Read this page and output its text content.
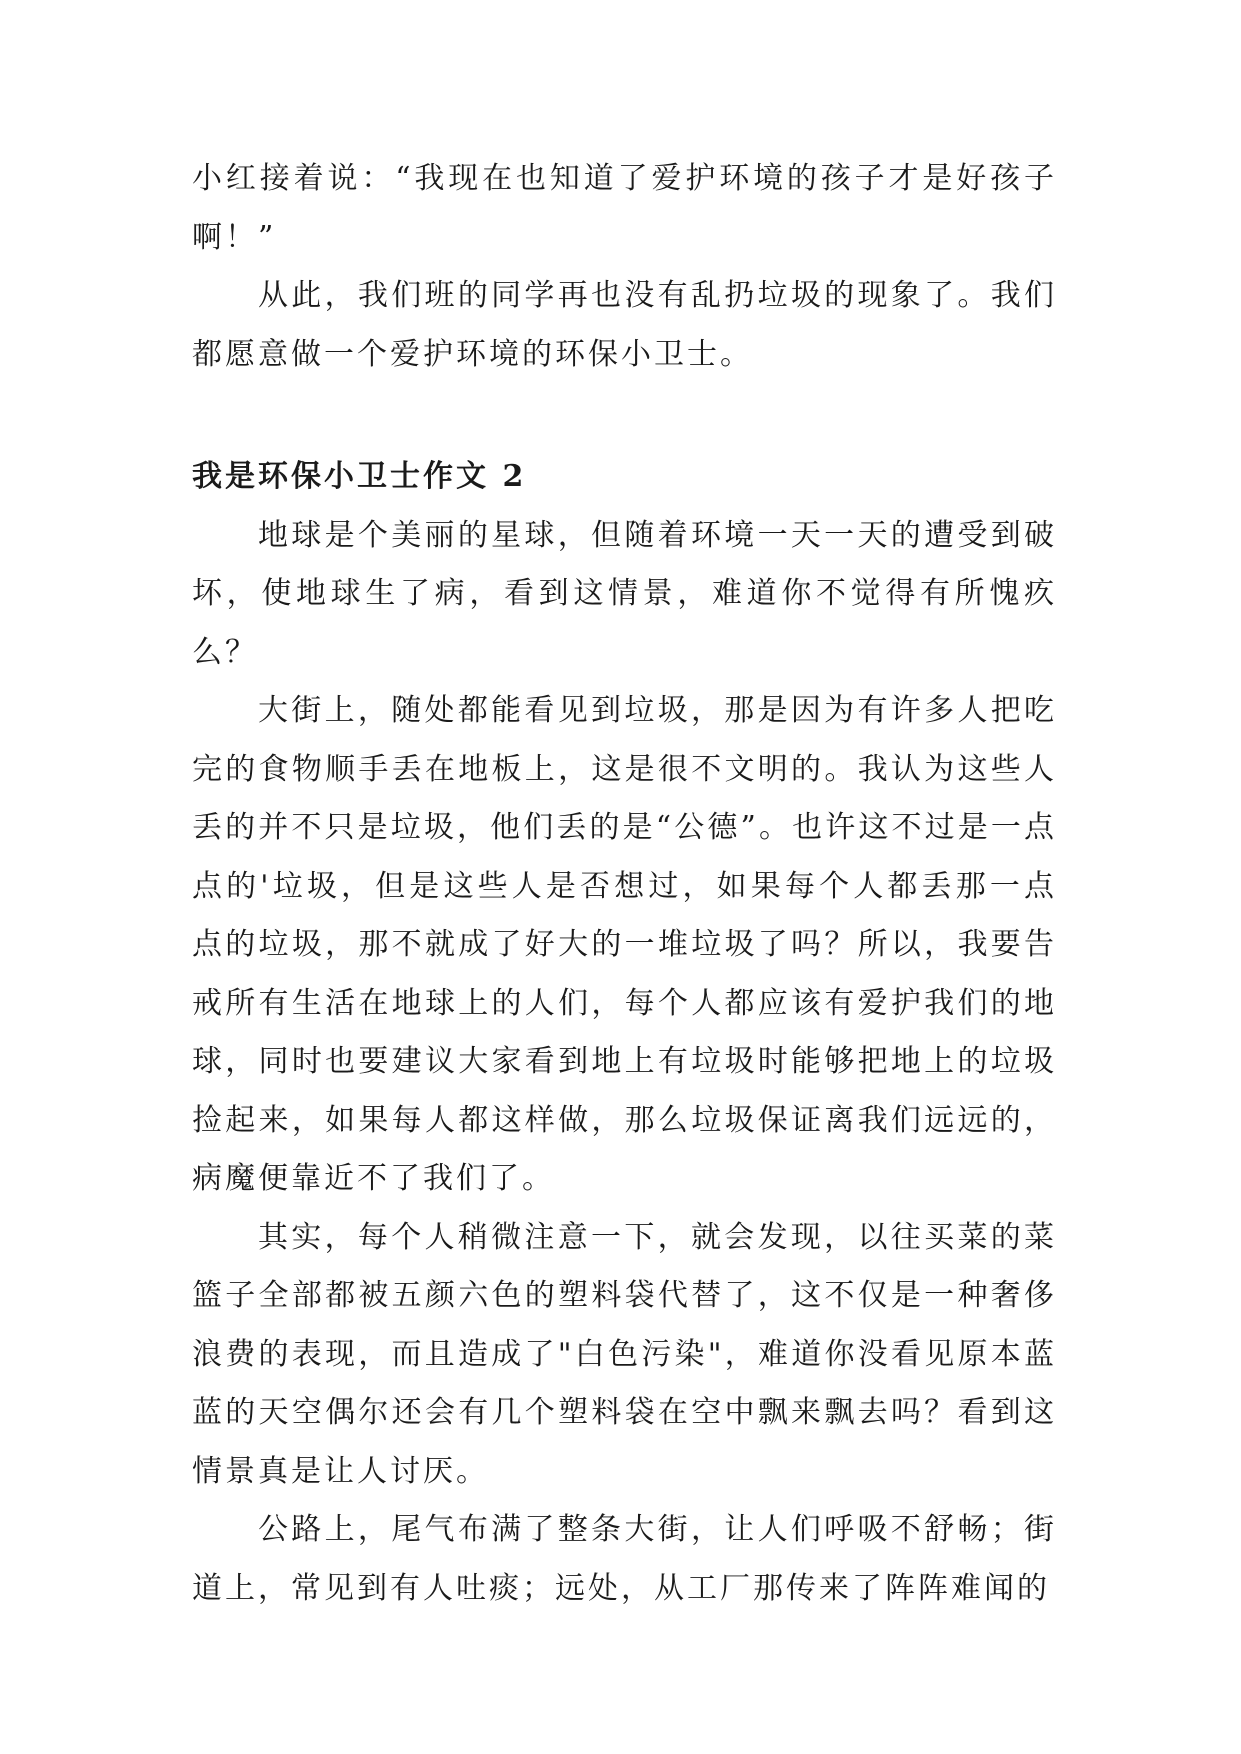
小红接着说：“我现在也知道了爱护环境的孩子才是好孩子啊！”

从此，我们班的同学再也没有乱扔垃圾的现象了。我们都愿意做一个爱护环境的环保小卫士。

我是环保小卫士作文 2

地球是个美丽的星球，但随着环境一天一天的遭受到破坏，使地球生了病，看到这情景，难道你不觉得有所愧疚么？

大街上，随处都能看见到垃圾，那是因为有许多人把吃完的食物顺手丢在地板上，这是很不文明的。我认为这些人丢的并不只是垃圾，他们丢的是“公德”。也许这不过是一点点的'垃圾，但是这些人是否想过，如果每个人都丢那一点点的垃圾，那不就成了好大的一堆垃圾了吗？所以，我要告戒所有生活在地球上的人们，每个人都应该有爱护我们的地球，同时也要建议大家看到地上有垃圾时能够把地上的垃圾捡起来，如果每人都这样做，那么垃圾保证离我们远远的，病魔便靠近不了我们了。

其实，每个人稍微注意一下，就会发现，以往买菜的菜篮子全部都被五颜六色的塑料袋代替了，这不仅是一种奢侈浪费的表现，而且造成了"白色污染"，难道你没看见原本蓝蓝的天空偶尔还会有几个塑料袋在空中飘来飘去吗？看到这情景真是让人讨厌。

公路上，尾气布满了整条大街，让人们呼吸不舒畅；街道上，常见到有人吐痰；远处，从工厂那传来了阵阵难闻的
